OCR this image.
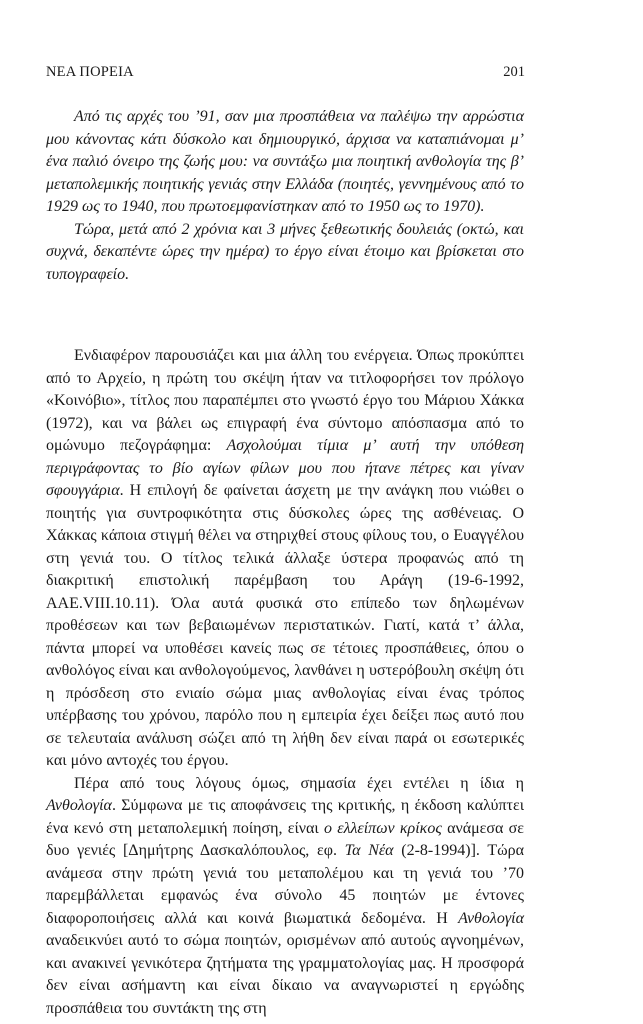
ΝΕΑ ΠΟΡΕΙΑ	201

Από τις αρχές του ’91, σαν μια προσπάθεια να παλέψω την αρρώστια μου κάνοντας κάτι δύσκολο και δημιουργικό, άρχισα να καταπιάνομαι μ’ ένα παλιό όνειρο της ζωής μου: να συντάξω μια ποιητική ανθολογία της β’ μεταπολεμικής ποιητικής γενιάς στην Ελλάδα (ποιητές, γεννημένους από το 1929 ως το 1940, που πρωτοεμφανίστηκαν από το 1950 ως το 1970).

Τώρα, μετά από 2 χρόνια και 3 μήνες ξεθεωτικής δουλειάς (οκτώ, και συχνά, δεκαπέντε ώρες την ημέρα) το έργο είναι έτοιμο και βρίσκεται στο τυπογραφείο.

Ενδιαφέρον παρουσιάζει και μια άλλη του ενέργεια. Όπως προκύπτει από το Αρχείο, η πρώτη του σκέψη ήταν να τιτλοφορήσει τον πρόλογο «Κοινόβιο», τίτλος που παραπέμπει στο γνωστό έργο του Μάριου Χάκκα (1972), και να βάλει ως επιγραφή ένα σύντομο απόσπασμα από το ομώνυμο πεζογράφημα: Ασχολούμαι τίμια μ’ αυτή την υπόθεση περιγράφοντας το βίο αγίων φίλων μου που ήτανε πέτρες και γίναν σφουγγάρια. Η επιλογή δε φαίνεται άσχετη με την ανάγκη που νιώθει ο ποιητής για συντροφικότητα στις δύσκολες ώρες της ασθένειας. Ο Χάκκας κάποια στιγμή θέλει να στηριχθεί στους φίλους του, ο Ευαγγέλου στη γενιά του. Ο τίτλος τελικά άλλαξε ύστερα προφανώς από τη διακριτική επιστολική παρέμβαση του Αράγη (19-6-1992, ΑΑΕ.VIII.10.11). Όλα αυτά φυσικά στο επίπεδο των δηλωμένων προθέσεων και των βεβαιωμένων περιστατικών. Γιατί, κατά τ’ άλλα, πάντα μπορεί να υποθέσει κανείς πως σε τέτοιες προσπάθειες, όπου ο ανθολόγος είναι και ανθολογούμενος, λανθάνει η υστερόβουλη σκέψη ότι η πρόσδεση στο ενιαίο σώμα μιας ανθολογίας είναι ένας τρόπος υπέρβασης του χρόνου, παρόλο που η εμπειρία έχει δείξει πως αυτό που σε τελευταία ανάλυση σώζει από τη λήθη δεν είναι παρά οι εσωτερικές και μόνο αντοχές του έργου.

Πέρα από τους λόγους όμως, σημασία έχει εντέλει η ίδια η Ανθολογία. Σύμφωνα με τις αποφάνσεις της κριτικής, η έκδοση καλύπτει ένα κενό στη μεταπολεμική ποίηση, είναι ο ελλείπων κρίκος ανάμεσα σε δυο γενιές [Δημήτρης Δασκαλόπουλος, εφ. Τα Νέα (2-8-1994)]. Τώρα ανάμεσα στην πρώτη γενιά του μεταπολέμου και τη γενιά του ’70 παρεμβάλλεται εμφανώς ένα σύνολο 45 ποιητών με έντονες διαφοροποιήσεις αλλά και κοινά βιωματικά δεδομένα. Η Ανθολογία αναδεικνύει αυτό το σώμα ποιητών, ορισμένων από αυτούς αγνοημένων, και ανακινεί γενικότερα ζητήματα της γραμματολογίας μας. Η προσφορά δεν είναι ασήμαντη και είναι δίκαιο να αναγνωριστεί η εργώδης προσπάθεια του συντάκτη της στη
